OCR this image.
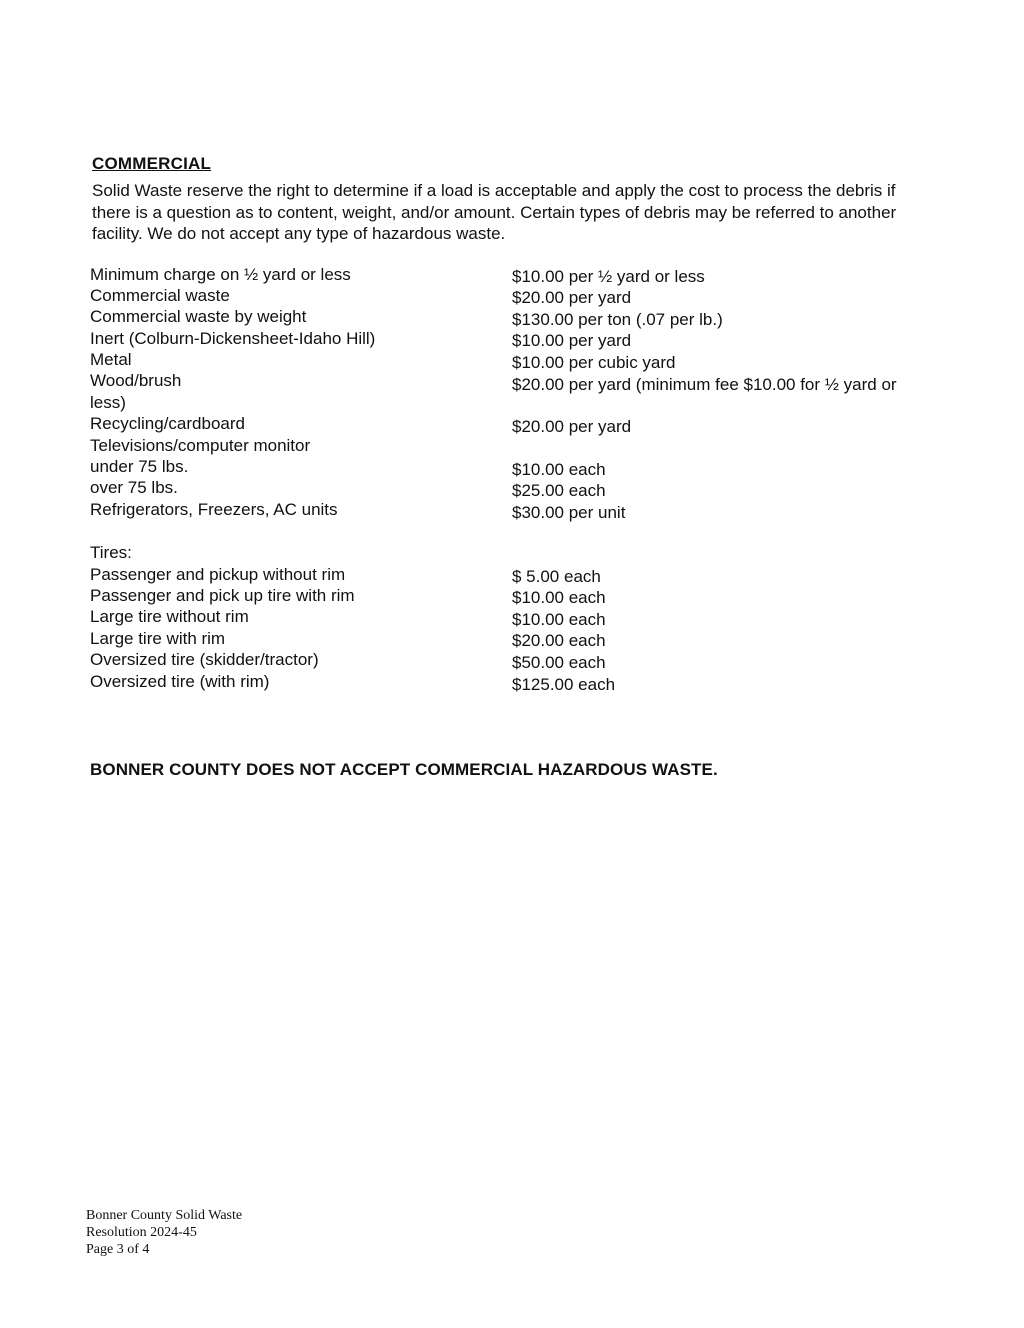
COMMERCIAL

Solid Waste reserve the right to determine if a load is acceptable and apply the cost to process the debris if there is a question as to content, weight, and/or amount. Certain types of debris may be referred to another facility. We do not accept any type of hazardous waste.

Minimum charge on ½ yard or less	$10.00 per ½ yard or less
Commercial waste	$20.00 per yard
Commercial waste by weight	$130.00 per ton (.07 per lb.)
Inert (Colburn-Dickensheet-Idaho Hill)	$10.00 per yard
Metal	$10.00 per cubic yard
Wood/brush	$20.00 per yard (minimum fee $10.00 for ½ yard or
less)
Recycling/cardboard	$20.00 per yard
Televisions/computer monitor
under 75 lbs.	$10.00 each
over 75 lbs.	$25.00 each
Refrigerators, Freezers, AC units	$30.00 per unit
Tires:
Passenger and pickup without rim	$ 5.00 each
Passenger and pick up tire with rim	$10.00 each
Large tire without rim	$10.00 each
Large tire with rim	$20.00 each
Oversized tire (skidder/tractor)	$50.00 each
Oversized tire (with rim)	$125.00 each
BONNER COUNTY DOES NOT ACCEPT COMMERCIAL HAZARDOUS WASTE.
Bonner County Solid Waste
Resolution 2024-45
Page 3 of 4
